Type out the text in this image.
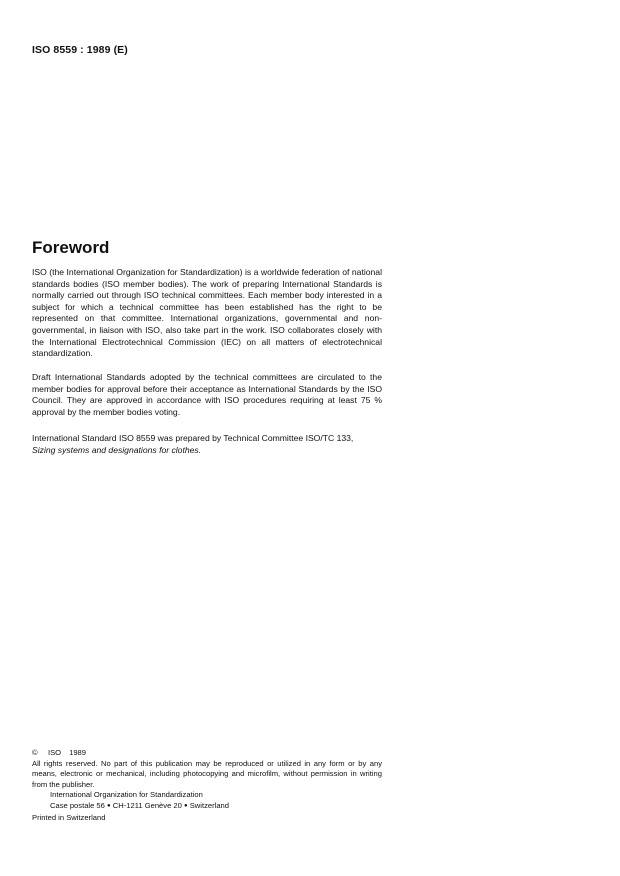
ISO 8559 : 1989 (E)
Foreword

ISO (the International Organization for Standardization) is a worldwide federation of national standards bodies (ISO member bodies). The work of preparing International Standards is normally carried out through ISO technical committees. Each member body interested in a subject for which a technical committee has been established has the right to be represented on that committee. International organizations, governmental and non-governmental, in liaison with ISO, also take part in the work. ISO collaborates closely with the International Electrotechnical Commission (IEC) on all matters of electrotechnical standardization.

Draft International Standards adopted by the technical committees are circulated to the member bodies for approval before their acceptance as International Standards by the ISO Council. They are approved in accordance with ISO procedures requiring at least 75 % approval by the member bodies voting.

International Standard ISO 8559 was prepared by Technical Committee ISO/TC 133,
Sizing systems and designations for clothes.

© ISO 1989
All rights reserved. No part of this publication may be reproduced or utilized in any form or by any means, electronic or mechanical, including photocopying and microfilm, without permission in writing from the publisher.
International Organization for Standardization
Case postale 56 ● CH-1211 Genève 20 ● Switzerland
Printed in Switzerland
